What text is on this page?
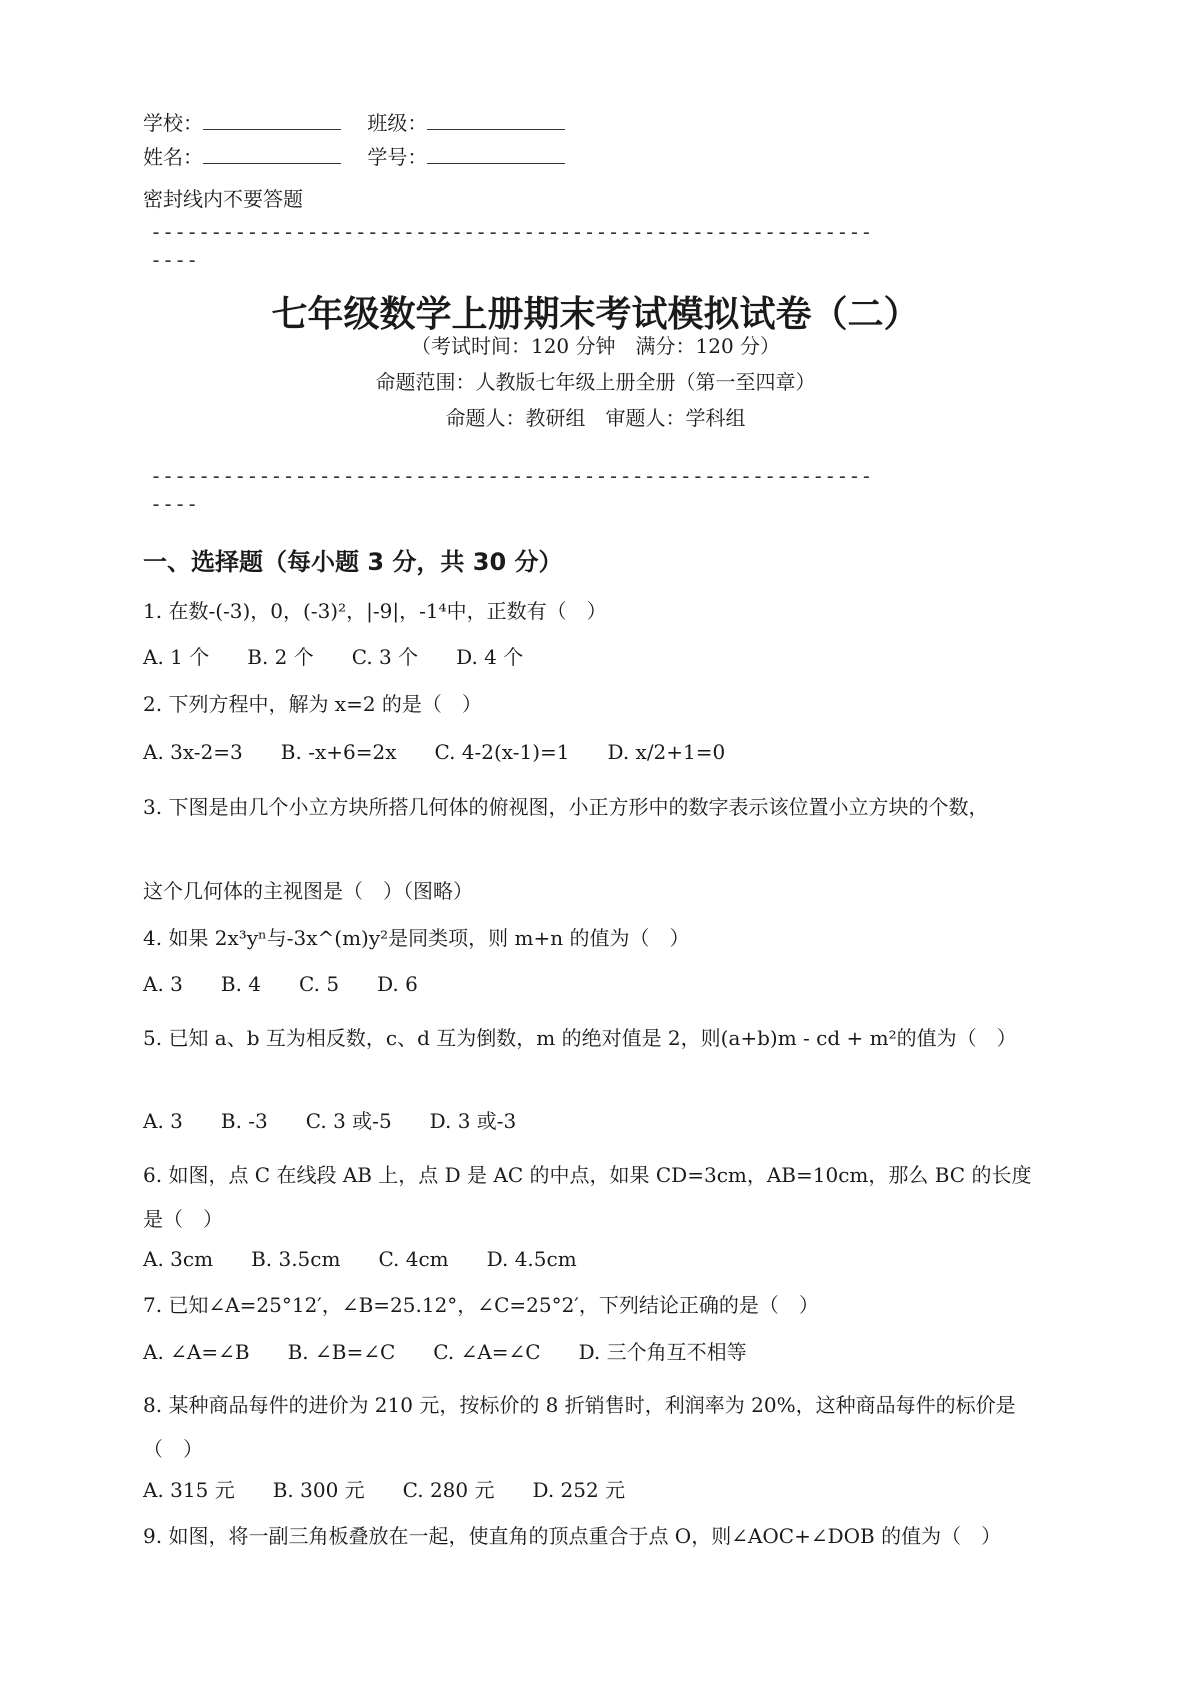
学校：	班级：
姓名：	学号：
密封线内不要答题
------------------------------------------------------------
----
七年级数学上册期末考试模拟试卷（二）
（考试时间：120 分钟　满分：120 分）
命题范围：人教版七年级上册全册（第一至四章）
命题人：教研组　审题人：学科组
------------------------------------------------------------
----
一、选择题（每小题 3 分，共 30 分）
1. 在数-(-3)，0，(-3)²，|-9|，-1⁴中，正数有（　）
A. 1 个 B. 2 个 C. 3 个 D. 4 个
2. 下列方程中，解为 x=2 的是（　）
A. 3x-2=3 B. -x+6=2x C. 4-2(x-1)=1 D. x/2+1=0
3. 下图是由几个小立方块所搭几何体的俯视图，小正方形中的数字表示该位置小立方块的个数，
这个几何体的主视图是（　）（图略）
4. 如果 2x³yⁿ与-3x^(m)y²是同类项，则 m+n 的值为（　）
A. 3 B. 4 C. 5 D. 6
5. 已知 a、b 互为相反数，c、d 互为倒数，m 的绝对值是 2，则(a+b)m - cd + m²的值为（　）
A. 3 B. -3 C. 3 或-5 D. 3 或-3
6. 如图，点 C 在线段 AB 上，点 D 是 AC 的中点，如果 CD=3cm，AB=10cm，那么 BC 的长度是（　）
A. 3cm B. 3.5cm C. 4cm D. 4.5cm
7. 已知∠A=25°12′，∠B=25.12°，∠C=25°2′，下列结论正确的是（　）
A. ∠A=∠B B. ∠B=∠C C. ∠A=∠C D. 三个角互不相等
8. 某种商品每件的进价为 210 元，按标价的 8 折销售时，利润率为 20%，这种商品每件的标价是（　）
A. 315 元 B. 300 元 C. 280 元 D. 252 元
9. 如图，将一副三角板叠放在一起，使直角的顶点重合于点 O，则∠AOC+∠DOB 的值为（　）
